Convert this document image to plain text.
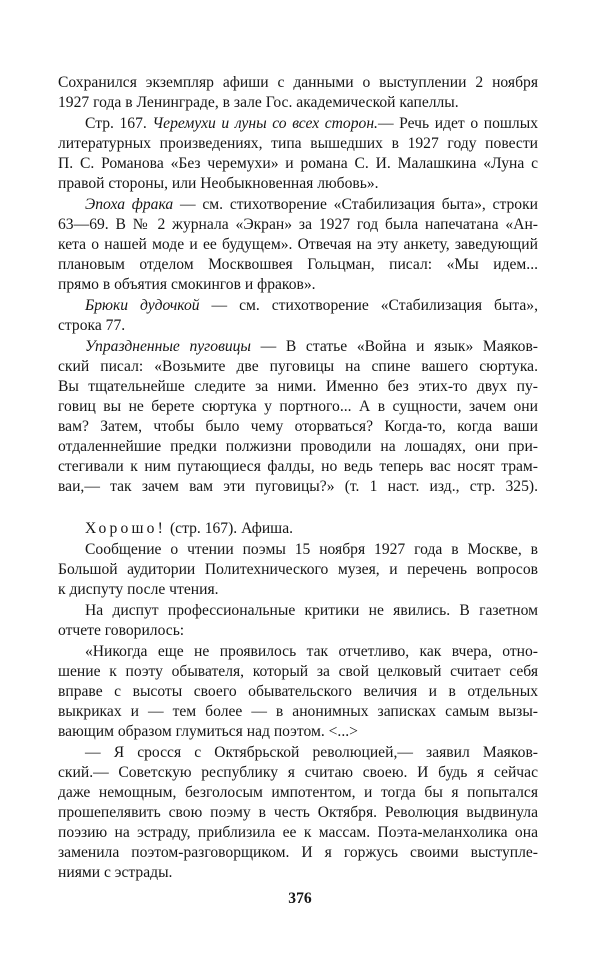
Сохранился экземпляр афиши с данными о выступлении 2 ноября
1927 года в Ленинграде, в зале Гос. академической капеллы.
Стр. 167. Черемухи и луны со всех сторон.— Речь идет о пошлых
литературных произведениях, типа вышедших в 1927 году повести
П. С. Романова «Без черемухи» и романа С. И. Малашкина «Луна с
правой стороны, или Необыкновенная любовь».
Эпоха фрака — см. стихотворение «Стабилизация быта», строки
63—69. В № 2 журнала «Экран» за 1927 год была напечатана «Ан-
кета о нашей моде и ее будущем». Отвечая на эту анкету, заведующий
плановым отделом Москвошвея Гольцман, писал: «Мы идем...
прямо в объятия смокингов и фраков».
Брюки дудочкой — см. стихотворение «Стабилизация быта»,
строка 77.
Упраздненные пуговицы — В статье «Война и язык» Маяков-
ский писал: «Возьмите две пуговицы на спине вашего сюртука.
Вы тщательнейше следите за ними. Именно без этих-то двух пу-
говиц вы не берете сюртука у портного... А в сущности, зачем они
вам? Затем, чтобы было чему оторваться? Когда-то, когда ваши
отдаленнейшие предки полжизни проводили на лошадях, они при-
стегивали к ним путающиеся фалды, но ведь теперь вас носят трам-
ваи,— так зачем вам эти пуговицы?» (т. 1 наст. изд., стр. 325).
Хорошо! (стр. 167). Афиша.
Сообщение о чтении поэмы 15 ноября 1927 года в Москве, в
Большой аудитории Политехнического музея, и перечень вопросов
к диспуту после чтения.
На диспут профессиональные критики не явились. В газетном
отчете говорилось:
«Никогда еще не проявилось так отчетливо, как вчера, отно-
шение к поэту обывателя, который за свой целковый считает себя
вправе с высоты своего обывательского величия и в отдельных
выкриках и — тем более — в анонимных записках самым вызы-
вающим образом глумиться над поэтом. <...>
— Я сросся с Октябрьской революцией,— заявил Маяков-
ский.— Советскую республику я считаю своею. И будь я сейчас
даже немощным, безголосым импотентом, и тогда бы я попытался
прошепелявить свою поэму в честь Октября. Революция выдвинула
поэзию на эстраду, приблизила ее к массам. Поэта-меланхолика она
заменила поэтом-разговорщиком. И я горжусь своими выступле-
ниями с эстрады.
376
